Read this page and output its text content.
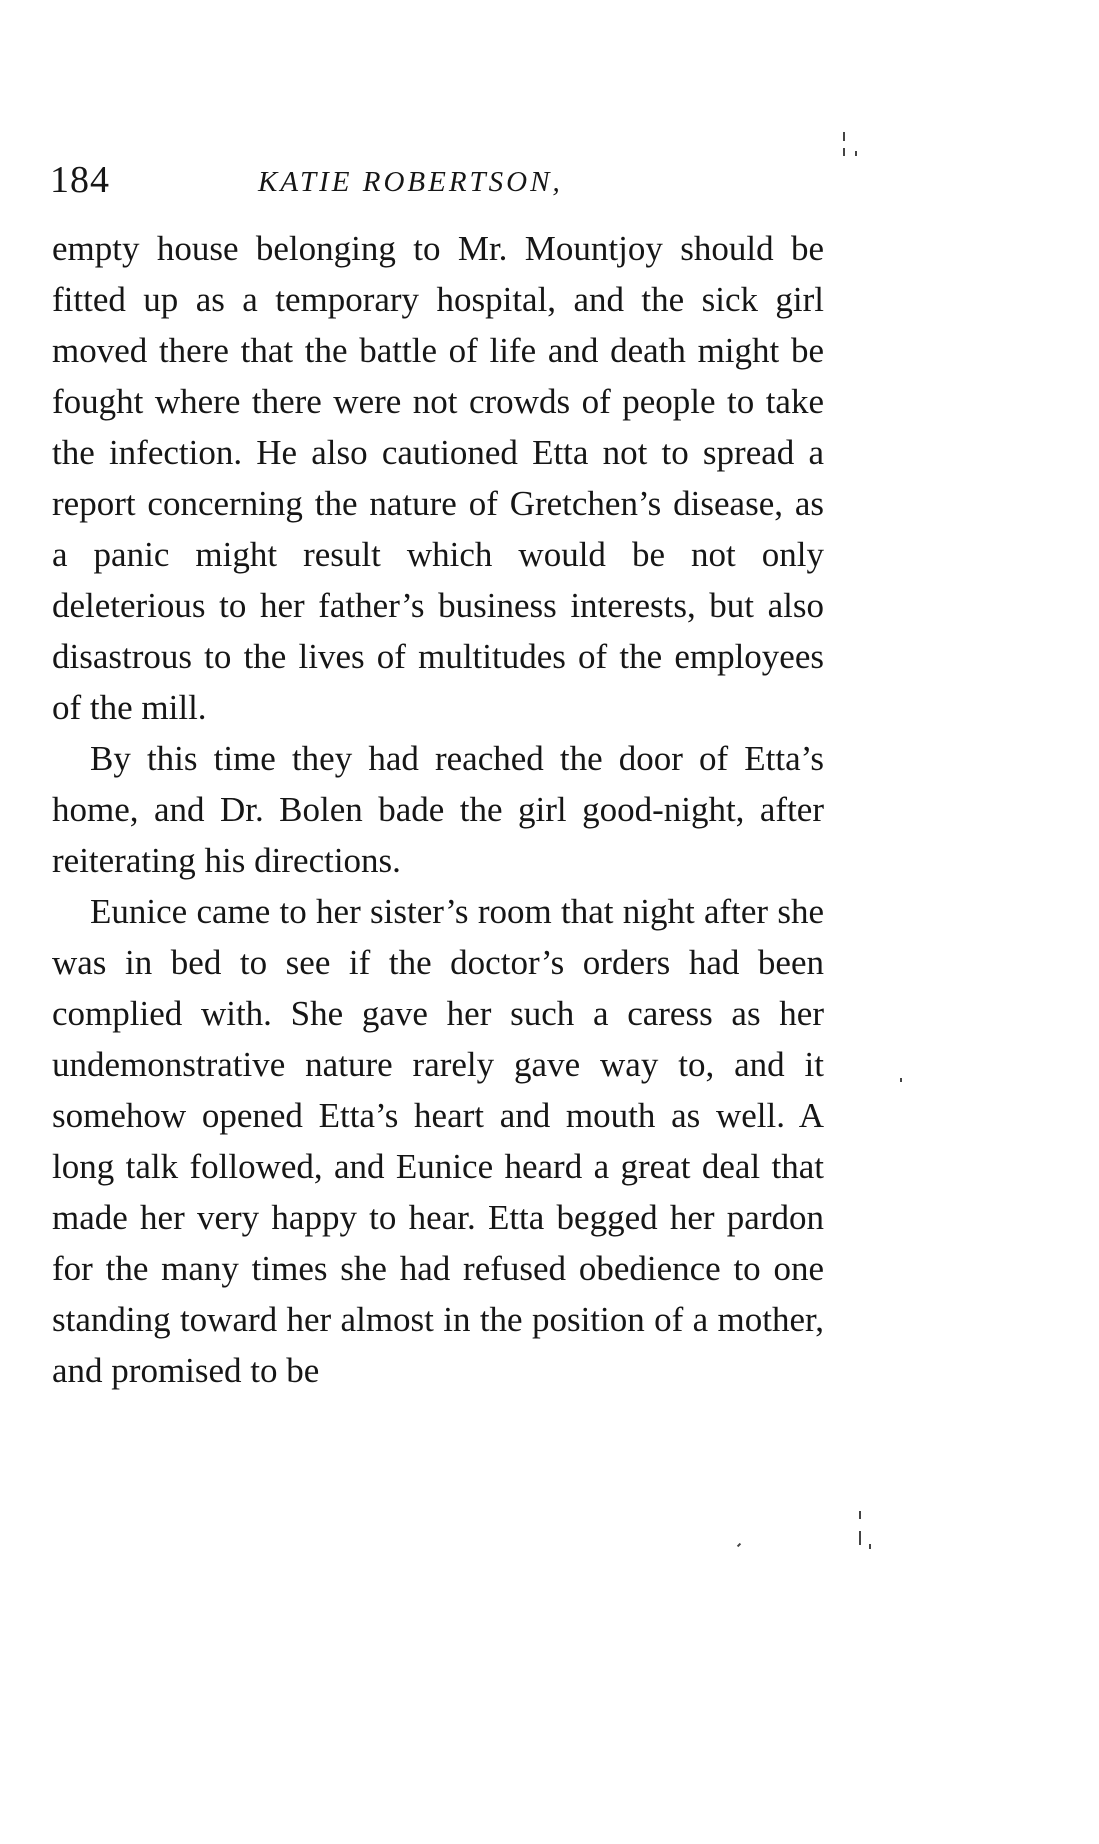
184	KATIE ROBERTSON,

empty house belonging to Mr. Mountjoy should be fitted up as a temporary hospital, and the sick girl moved there that the battle of life and death might be fought where there were not crowds of people to take the infection. He also cautioned Etta not to spread a report concerning the nature of Gretchen’s disease, as a panic might result which would be not only deleterious to her father’s business interests, but also disastrous to the lives of multitudes of the employees of the mill.

By this time they had reached the door of Etta’s home, and Dr. Bolen bade the girl good-night, after reiterating his directions.

Eunice came to her sister’s room that night after she was in bed to see if the doctor’s orders had been complied with. She gave her such a caress as her undemonstrative nature rarely gave way to, and it somehow opened Etta’s heart and mouth as well. A long talk followed, and Eunice heard a great deal that made her very happy to hear. Etta begged her pardon for the many times she had refused obedience to one standing toward her almost in the position of a mother, and promised to be
